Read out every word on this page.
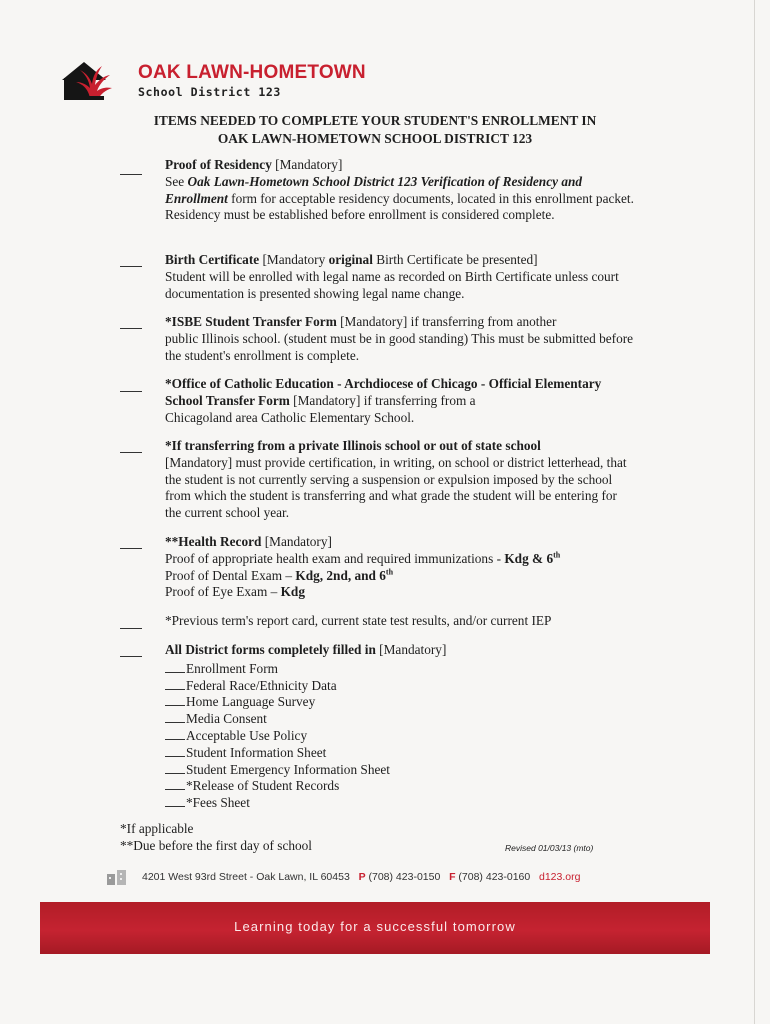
OAK LAWN-HOMETOWN
School District 123
ITEMS NEEDED TO COMPLETE YOUR STUDENT'S ENROLLMENT IN
OAK LAWN-HOMETOWN SCHOOL DISTRICT 123
Proof of Residency [Mandatory]
See Oak Lawn-Hometown School District 123 Verification of Residency and Enrollment form for acceptable residency documents, located in this enrollment packet. Residency must be established before enrollment is considered complete.
Birth Certificate [Mandatory original Birth Certificate be presented]
Student will be enrolled with legal name as recorded on Birth Certificate unless court documentation is presented showing legal name change.
*ISBE Student Transfer Form [Mandatory] if transferring from another
public Illinois school. (student must be in good standing) This must be submitted before the student's enrollment is complete.
*Office of Catholic Education - Archdiocese of Chicago - Official Elementary School Transfer Form [Mandatory] if transferring from a
Chicagoland area Catholic Elementary School.
*If transferring from a private Illinois school or out of state school
[Mandatory] must provide certification, in writing, on school or district letterhead, that the student is not currently serving a suspension or expulsion imposed by the school from which the student is transferring and what grade the student will be entering for the current school year.
**Health Record [Mandatory]
Proof of appropriate health exam and required immunizations - Kdg & 6th
Proof of Dental Exam – Kdg, 2nd, and 6th
Proof of Eye Exam – Kdg
*Previous term's report card, current state test results, and/or current IEP
All District forms completely filled in [Mandatory]
Enrollment Form
Federal Race/Ethnicity Data
Home Language Survey
Media Consent
Acceptable Use Policy
Student Information Sheet
Student Emergency Information Sheet
*Release of Student Records
*Fees Sheet
*If applicable
**Due before the first day of school	Revised 01/03/13 (mto)
4201 West 93rd Street - Oak Lawn, IL 60453 P (708) 423-0150 F (708) 423-0160 d123.org
Learning today for a successful tomorrow
